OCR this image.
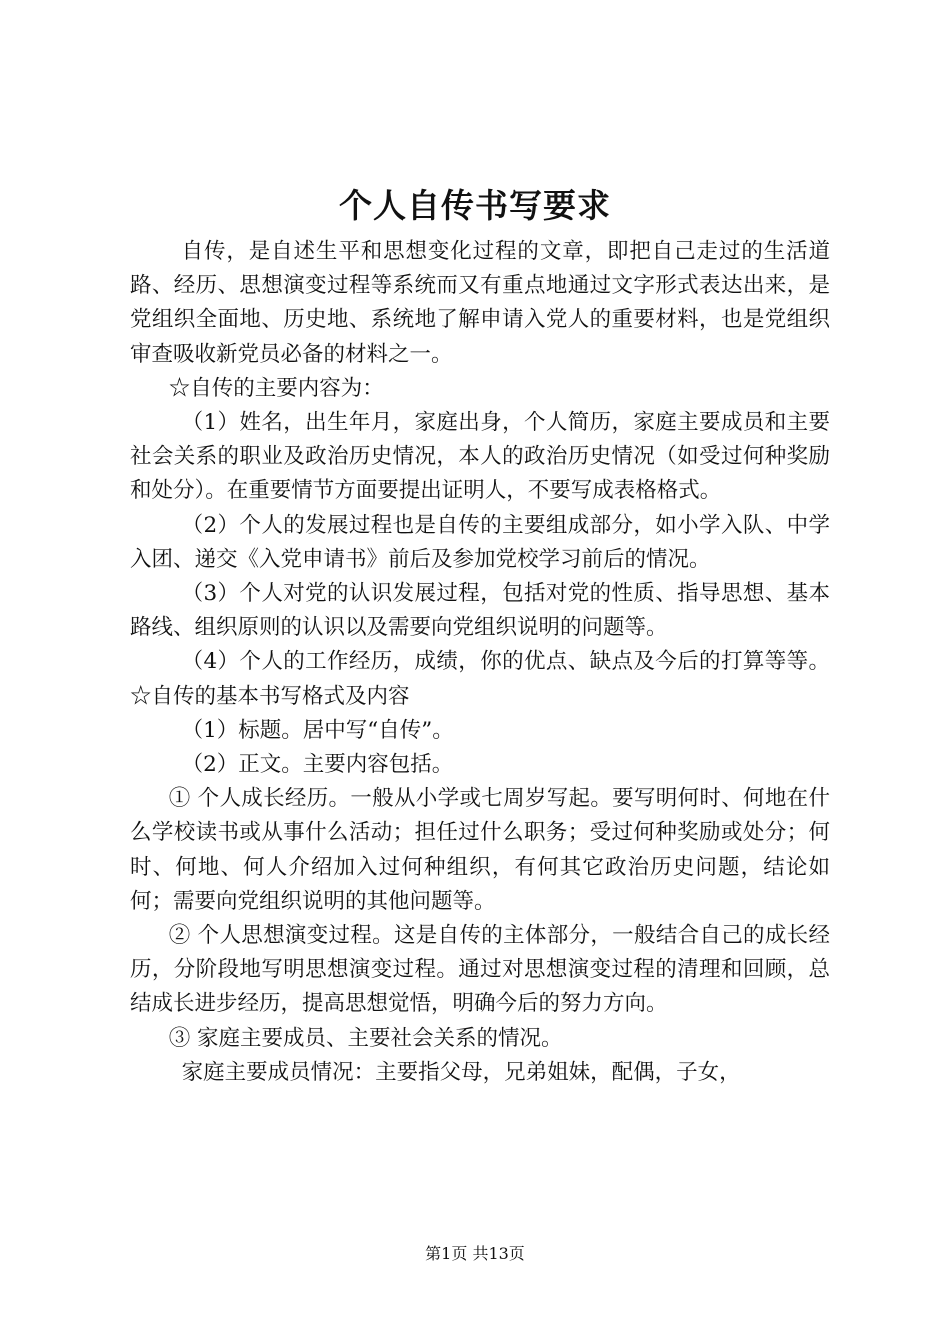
个人自传书写要求

自传，是自述生平和思想变化过程的文章，即把自己走过的生活道路、经历、思想演变过程等系统而又有重点地通过文字形式表达出来，是党组织全面地、历史地、系统地了解申请入党人的重要材料，也是党组织审查吸收新党员必备的材料之一。

☆自传的主要内容为：

（1）姓名，出生年月，家庭出身，个人简历，家庭主要成员和主要社会关系的职业及政治历史情况，本人的政治历史情况（如受过何种奖励和处分）。在重要情节方面要提出证明人，不要写成表格格式。

（2）个人的发展过程也是自传的主要组成部分，如小学入队、中学入团、递交《入党申请书》前后及参加党校学习前后的情况。

（3）个人对党的认识发展过程，包括对党的性质、指导思想、基本路线、组织原则的认识以及需要向党组织说明的问题等。

（4）个人的工作经历，成绩，你的优点、缺点及今后的打算等等。☆自传的基本书写格式及内容

（1）标题。居中写“自传”。

（2）正文。主要内容包括。

① 个人成长经历。一般从小学或七周岁写起。要写明何时、何地在什么学校读书或从事什么活动；担任过什么职务；受过何种奖励或处分；何时、何地、何人介绍加入过何种组织，有何其它政治历史问题，结论如何；需要向党组织说明的其他问题等。

② 个人思想演变过程。这是自传的主体部分，一般结合自己的成长经历，分阶段地写明思想演变过程。通过对思想演变过程的清理和回顾，总结成长进步经历，提高思想觉悟，明确今后的努力方向。

③ 家庭主要成员、主要社会关系的情况。

家庭主要成员情况：主要指父母，兄弟姐妹，配偶，子女，

第1页 共13页
